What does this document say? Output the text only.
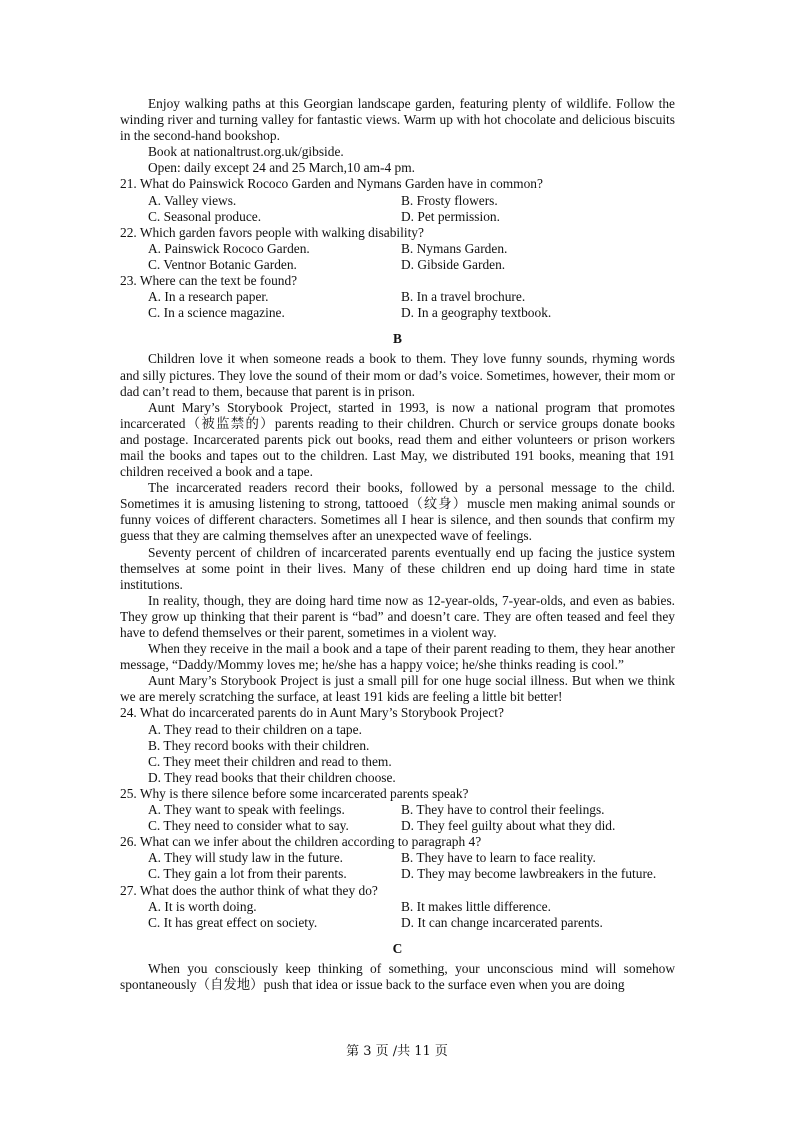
Enjoy walking paths at this Georgian landscape garden, featuring plenty of wildlife. Follow the winding river and turning valley for fantastic views. Warm up with hot chocolate and delicious biscuits in the second-hand bookshop.

Book at nationaltrust.org.uk/gibside.

Open: daily except 24 and 25 March,10 am-4 pm.

21. What do Painswick Rococo Garden and Nymans Garden have in common?

A. Valley views.	B. Frosty flowers.
C. Seasonal produce.	D. Pet permission.

22. Which garden favors people with walking disability?

A. Painswick Rococo Garden.	B. Nymans Garden.
C. Ventnor Botanic Garden.	D. Gibside Garden.

23. Where can the text be found?

A. In a research paper.	B. In a travel brochure.
C. In a science magazine.	D. In a geography textbook.

B

Children love it when someone reads a book to them. They love funny sounds, rhyming words and silly pictures. They love the sound of their mom or dad’s voice. Sometimes, however, their mom or dad can’t read to them, because that parent is in prison.

Aunt Mary’s Storybook Project, started in 1993, is now a national program that promotes incarcerated（被监禁的）parents reading to their children. Church or service groups donate books and postage. Incarcerated parents pick out books, read them and either volunteers or prison workers mail the books and tapes out to the children. Last May, we distributed 191 books, meaning that 191 children received a book and a tape.

The incarcerated readers record their books, followed by a personal message to the child. Sometimes it is amusing listening to strong, tattooed（纹身）muscle men making animal sounds or funny voices of different characters. Sometimes all I hear is silence, and then sounds that confirm my guess that they are calming themselves after an unexpected wave of feelings.

Seventy percent of children of incarcerated parents eventually end up facing the justice system themselves at some point in their lives. Many of these children end up doing hard time in state institutions.

In reality, though, they are doing hard time now as 12-year-olds, 7-year-olds, and even as babies. They grow up thinking that their parent is “bad” and doesn’t care. They are often teased and feel they have to defend themselves or their parent, sometimes in a violent way.

When they receive in the mail a book and a tape of their parent reading to them, they hear another message, “Daddy/Mommy loves me; he/she has a happy voice; he/she thinks reading is cool.”

Aunt Mary’s Storybook Project is just a small pill for one huge social illness. But when we think we are merely scratching the surface, at least 191 kids are feeling a little bit better!

24. What do incarcerated parents do in Aunt Mary’s Storybook Project?

A. They read to their children on a tape.

B. They record books with their children.

C. They meet their children and read to them.

D. They read books that their children choose.

25. Why is there silence before some incarcerated parents speak?

A. They want to speak with feelings.	B. They have to control their feelings.
C. They need to consider what to say.	D. They feel guilty about what they did.

26. What can we infer about the children according to paragraph 4?

A. They will study law in the future.	B. They have to learn to face reality.
C. They gain a lot from their parents.	D. They may become lawbreakers in the future.

27. What does the author think of what they do?

A. It is worth doing.	B. It makes little difference.
C. It has great effect on society.	D. It can change incarcerated parents.

C

When you consciously keep thinking of something, your unconscious mind will somehow spontaneously（自发地）push that idea or issue back to the surface even when you are doing

第 3 页 /共 11 页
